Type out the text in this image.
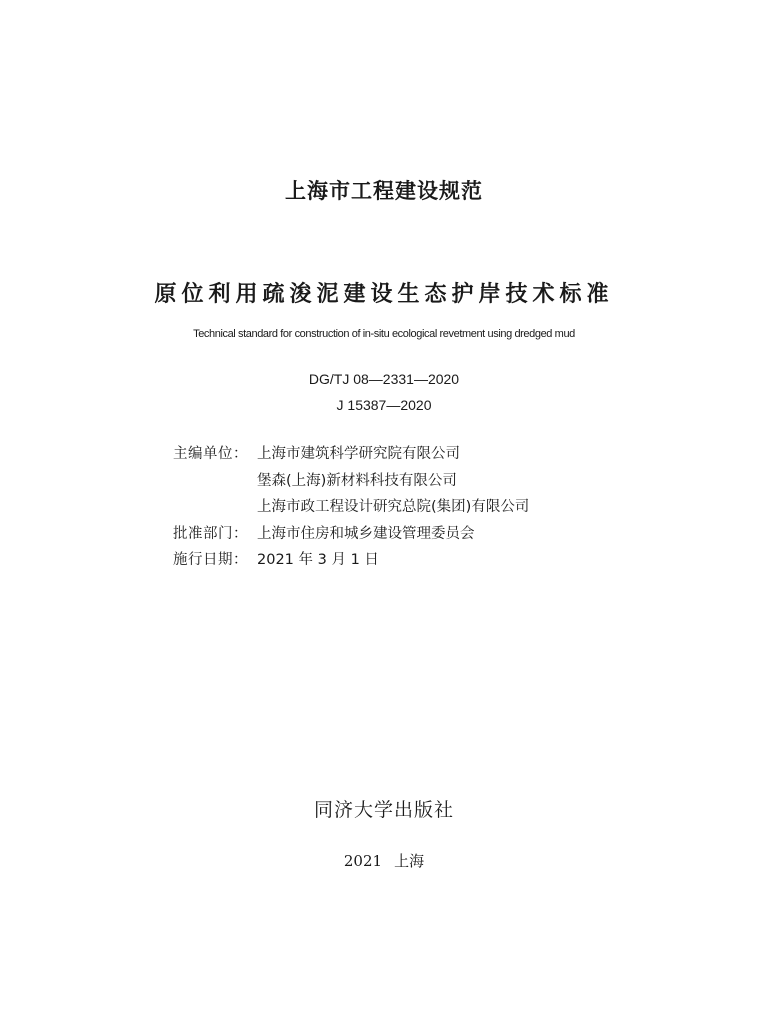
上海市工程建设规范
原位利用疏浚泥建设生态护岸技术标准
Technical standard for construction of in-situ ecological revetment using dredged mud
DG/TJ 08—2331—2020
J 15387—2020
主编单位： 上海市建筑科学研究院有限公司
堡森(上海)新材料科技有限公司
上海市政工程设计研究总院(集团)有限公司
批准部门： 上海市住房和城乡建设管理委员会
施行日期： 2021 年 3 月 1 日
同济大学出版社
2021 上海
